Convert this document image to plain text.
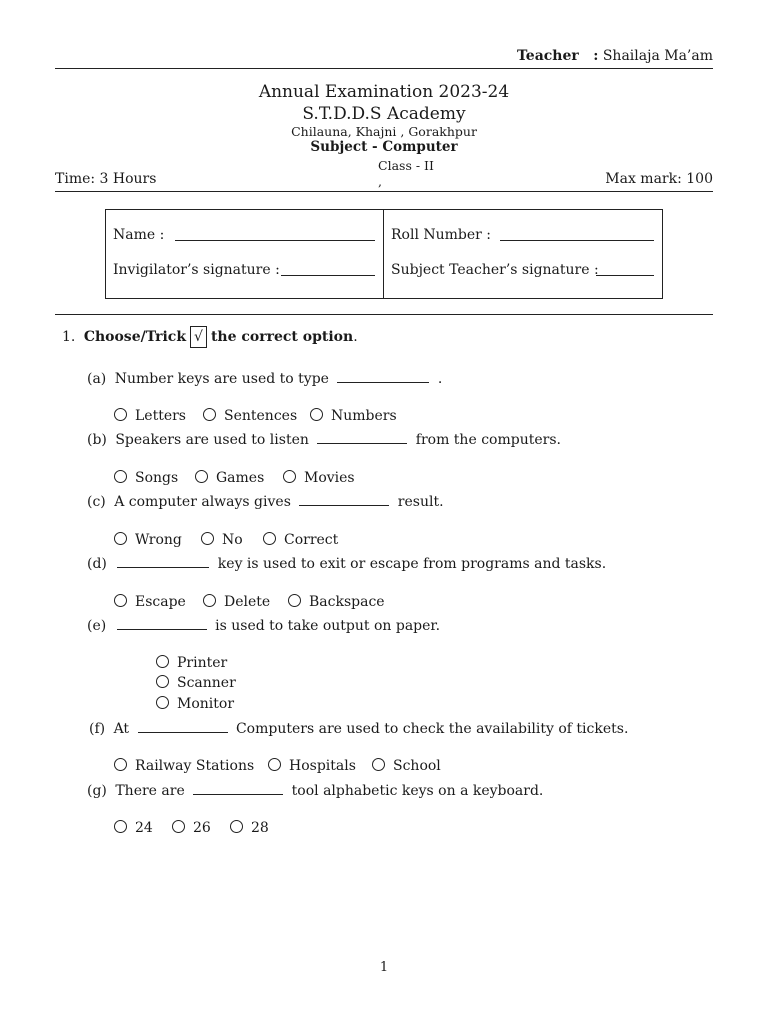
Teacher : Shailaja Ma’am
Annual Examination 2023-24
S.T.D.D.S Academy
Chilauna, Khajni , Gorakhpur
Subject - Computer
Class - II
,
Time: 3 Hours	Max mark: 100
Name :	Roll Number :
Invigilator’s signature :	Subject Teacher’s signature :
1. Choose/Trick √ the correct option.
(a) Number keys are used to type	.
Letters	Sentences	Numbers
(b) Speakers are used to listen	from the computers.
Songs	Games	Movies
(c) A computer always gives	result.
Wrong	No	Correct
(d)	key is used to exit or escape from programs and tasks.
Escape	Delete	Backspace
(e)	is used to take output on paper.
Printer
Scanner
Monitor
(f) At	Computers are used to check the availability of tickets.
Railway Stations	Hospitals	School
(g) There are	tool alphabetic keys on a keyboard.
24	26	28
1
